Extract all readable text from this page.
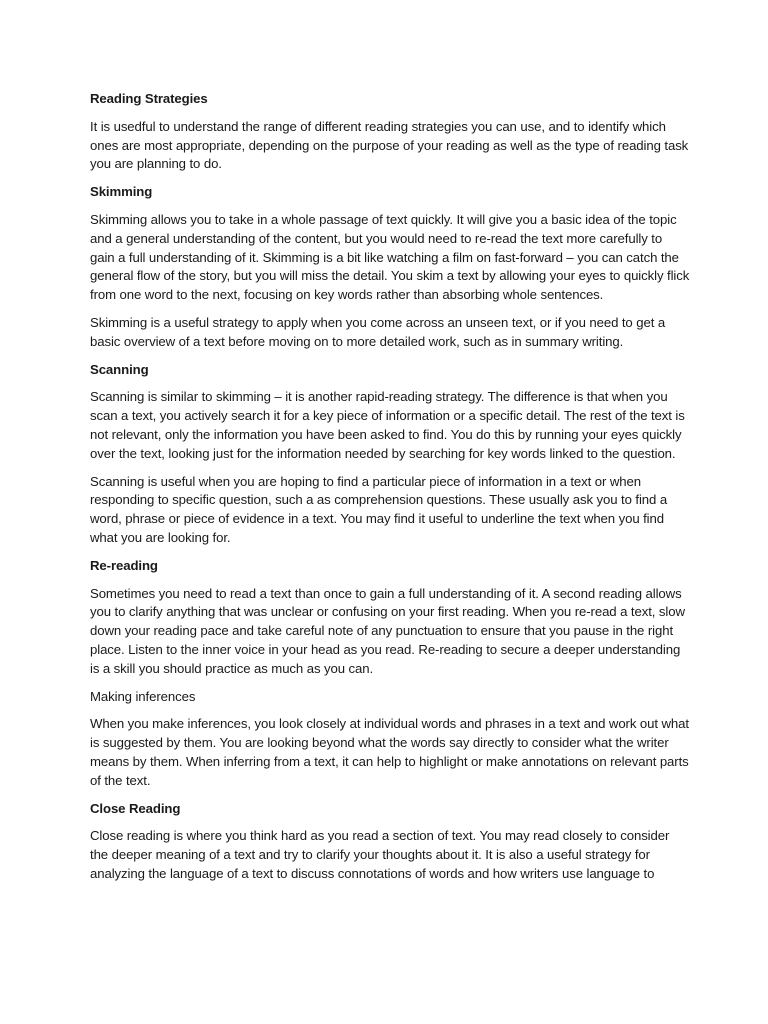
Reading Strategies

It is usedful to understand the range of different reading strategies you can use, and to identify which ones are most appropriate, depending on the purpose of your reading as well as the type of reading task you are planning to do.

Skimming

Skimming allows you to take in a whole passage of text quickly. It will give you a basic idea of the topic and a general understanding of the content, but you would need to re-read the text more carefully to gain a full understanding of it. Skimming is a bit like watching a film on fast-forward – you can catch the general flow of the story, but you will miss the detail. You skim a text by allowing your eyes to quickly flick from one word to the next, focusing on key words rather than absorbing whole sentences.

Skimming is a useful strategy to apply when you come across an unseen text, or if you need to get a basic overview of a text before moving on to more detailed work, such as in summary writing.

Scanning

Scanning is similar to skimming – it is another rapid-reading strategy. The difference is that when you scan a text, you actively search it for a key piece of information or a specific detail. The rest of the text is not relevant, only the information you have been asked to find. You do this by running your eyes quickly over the text, looking just for the information needed by searching for key words linked to the question.

Scanning is useful when you are hoping to find a particular piece of information in a text or when responding to specific question, such a as comprehension questions. These usually ask you to find a word, phrase or piece of evidence in a text. You may find it useful to underline the text when you find what you are looking for.

Re-reading

Sometimes you need to read a text than once to gain a full understanding of it. A second reading allows you to clarify anything that was unclear or confusing on your first reading. When you re-read a text, slow down your reading pace and take careful note of any punctuation to ensure that you pause in the right place. Listen to the inner voice in your head as you read. Re-reading to secure a deeper understanding is a skill you should practice as much as you can.

Making inferences

When you make inferences, you look closely at individual words and phrases in a text and work out what is suggested by them. You are looking beyond what the words say directly to consider what the writer means by them. When inferring from a text, it can help to highlight or make annotations on relevant parts of the text.

Close Reading

Close reading is where you think hard as you read a section of text. You may read closely to consider the deeper meaning of a text and try to clarify your thoughts about it. It is also a useful strategy for analyzing the language of a text to discuss connotations of words and how writers use language to
